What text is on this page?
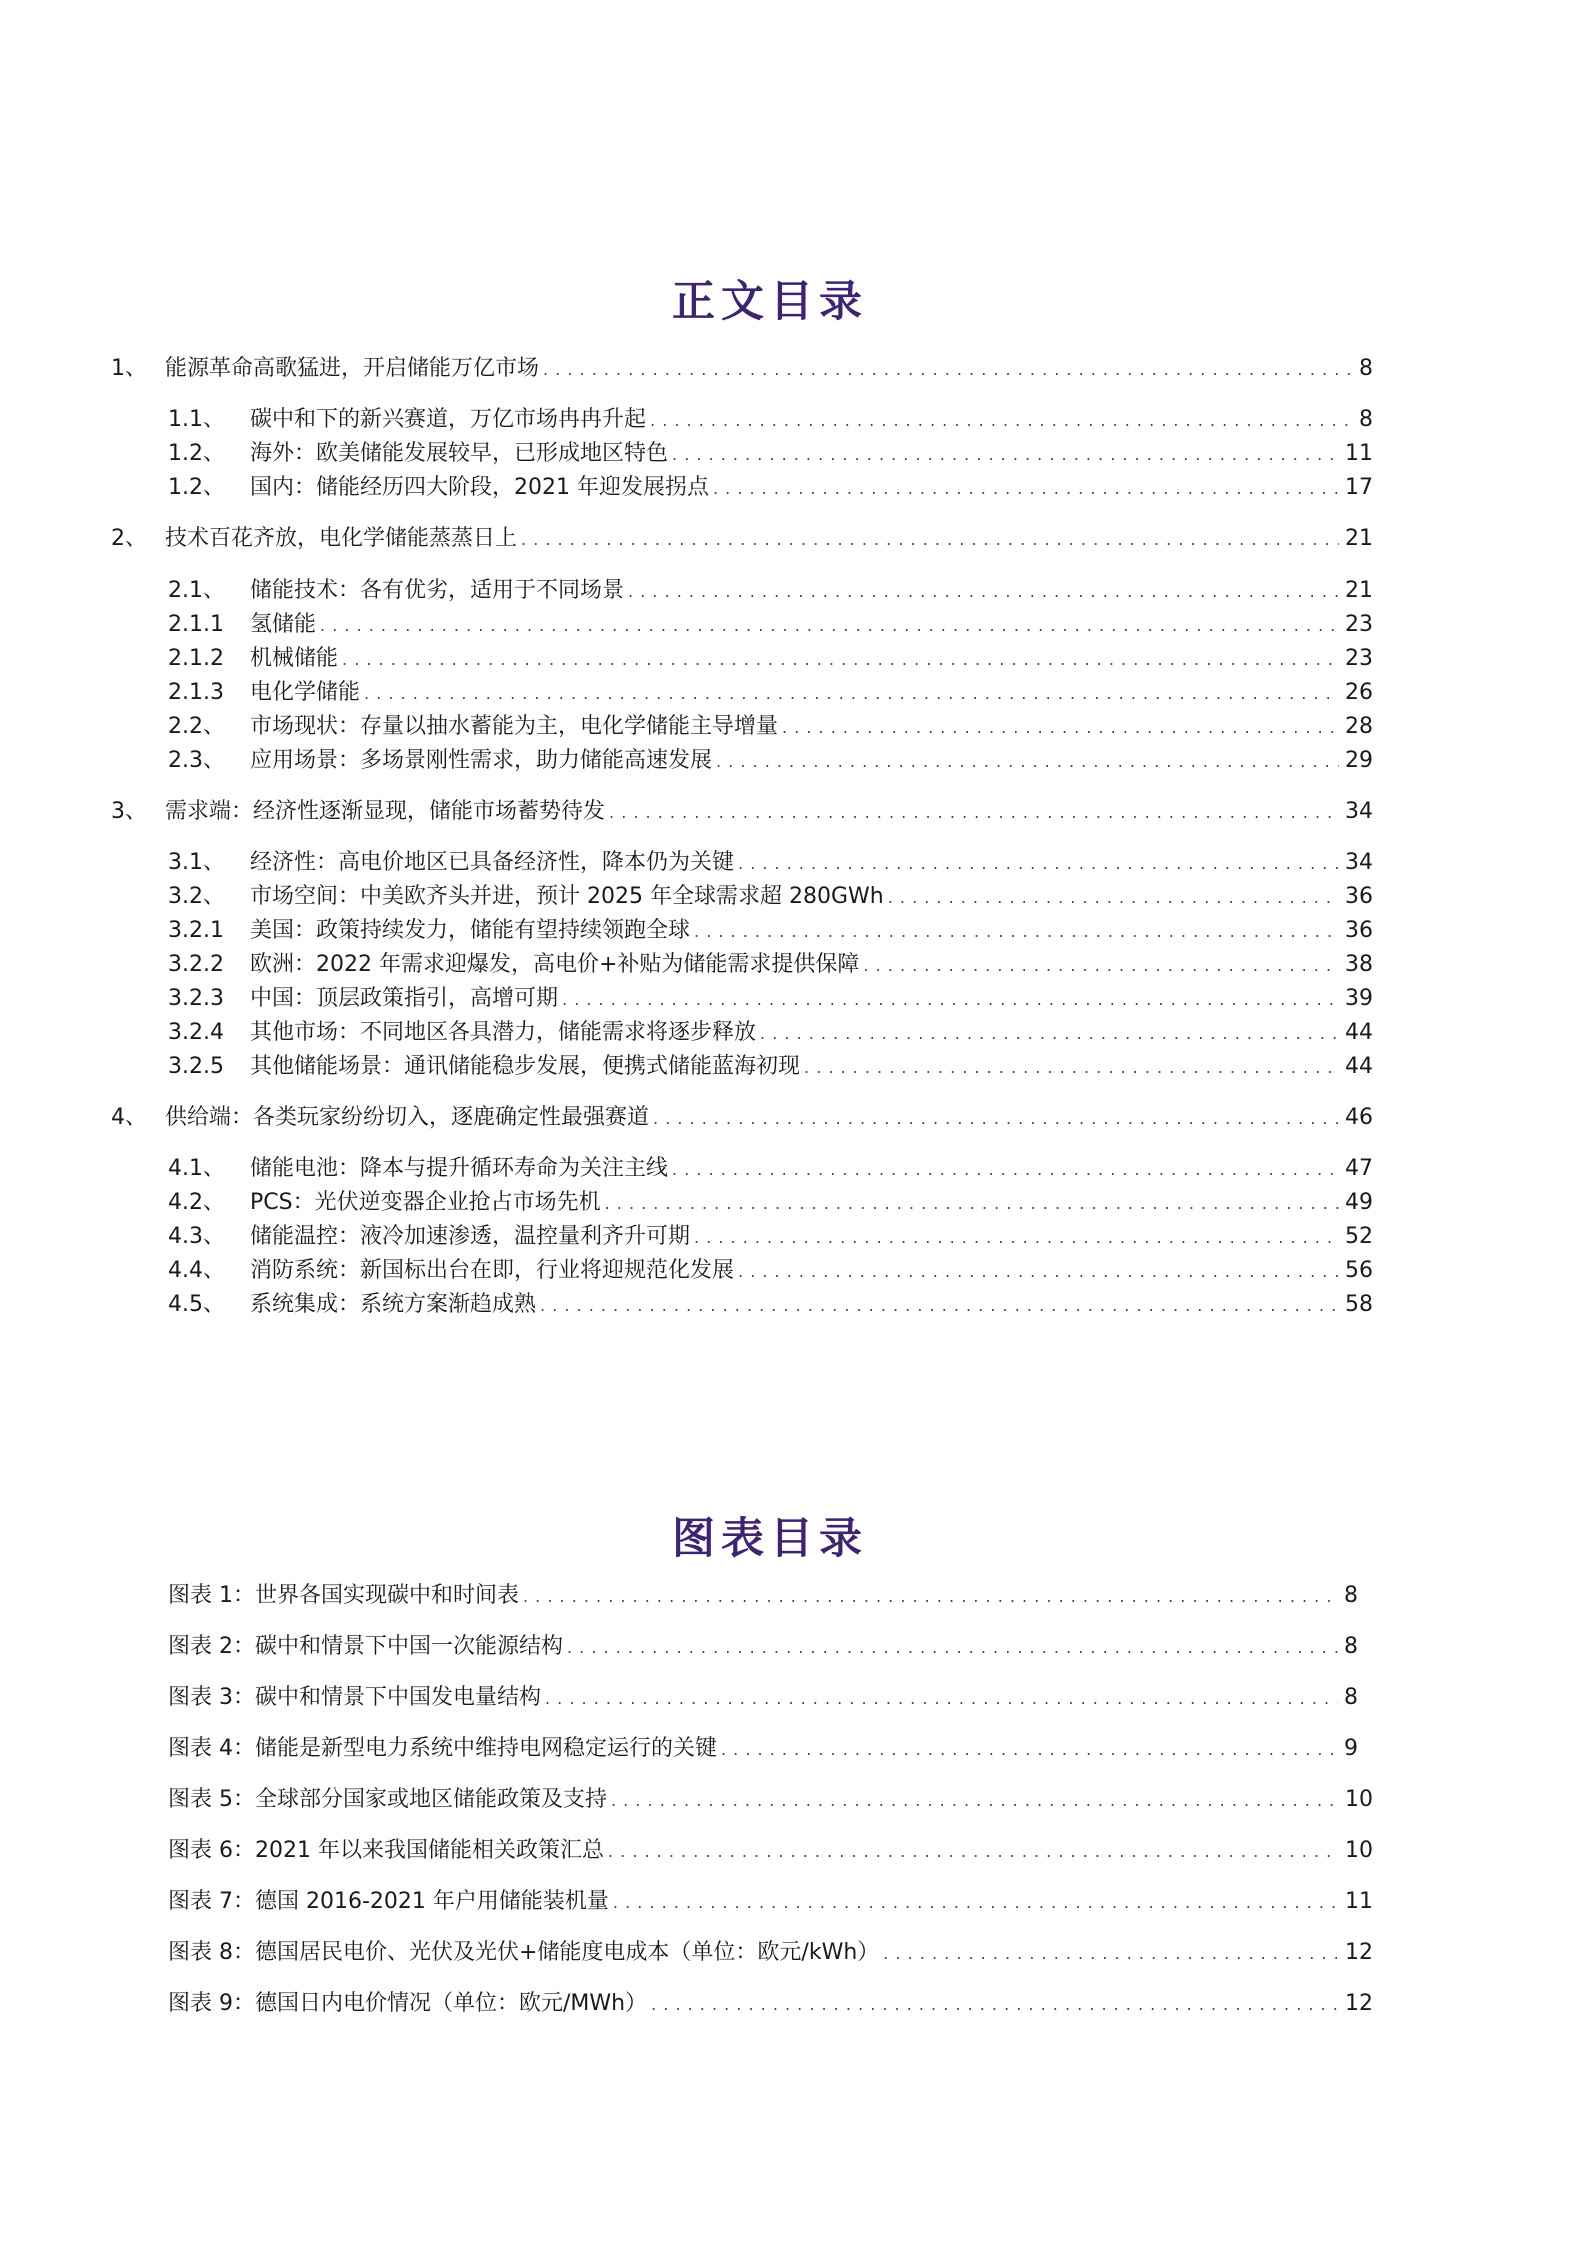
正文目录
1、 能源革命高歌猛进，开启储能万亿市场 . . .	8
1.1、	碳中和下的新兴赛道，万亿市场冉冉升起 . . .	8
1.2、	海外：欧美储能发展较早，已形成地区特色 . . .	11
1.2、	国内：储能经历四大阶段，2021 年迎发展拐点 . . .	17
2、 技术百花齐放，电化学储能蒸蒸日上 . . .	21
2.1、	储能技术：各有优劣，适用于不同场景 . . .	21
2.1.1	氢储能 . . .	23
2.1.2	机械储能 . . .	23
2.1.3	电化学储能 . . .	26
2.2、	市场现状：存量以抽水蓄能为主，电化学储能主导增量 . . .	28
2.3、	应用场景：多场景刚性需求，助力储能高速发展 . . .	29
3、 需求端：经济性逐渐显现，储能市场蓄势待发 . . .	34
3.1、	经济性：高电价地区已具备经济性，降本仍为关键 . . .	34
3.2、	市场空间：中美欧齐头并进，预计 2025 年全球需求超 280GWh . . .	36
3.2.1	美国：政策持续发力，储能有望持续领跑全球 . . .	36
3.2.2	欧洲：2022 年需求迎爆发，高电价+补贴为储能需求提供保障 . . .	38
3.2.3	中国：顶层政策指引，高增可期 . . .	39
3.2.4	其他市场：不同地区各具潜力，储能需求将逐步释放 . . .	44
3.2.5	其他储能场景：通讯储能稳步发展，便携式储能蓝海初现 . . .	44
4、 供给端：各类玩家纷纷切入，逐鹿确定性最强赛道 . . .	46
4.1、	储能电池：降本与提升循环寿命为关注主线 . . .	47
4.2、	PCS：光伏逆变器企业抢占市场先机 . . .	49
4.3、	储能温控：液冷加速渗透，温控量利齐升可期 . . .	52
4.4、	消防系统：新国标出台在即，行业将迎规范化发展 . . .	56
4.5、	系统集成：系统方案渐趋成熟 . . .	58
图表目录
图表 1：世界各国实现碳中和时间表 . . .	8
图表 2：碳中和情景下中国一次能源结构 . . .	8
图表 3：碳中和情景下中国发电量结构 . . .	8
图表 4：储能是新型电力系统中维持电网稳定运行的关键 . . .	9
图表 5：全球部分国家或地区储能政策及支持 . . .	10
图表 6：2021 年以来我国储能相关政策汇总 . . .	10
图表 7：德国 2016-2021 年户用储能装机量 . . .	11
图表 8：德国居民电价、光伏及光伏+储能度电成本（单位：欧元/kWh） . . .	12
图表 9：德国日内电价情况（单位：欧元/MWh） . . .	12
